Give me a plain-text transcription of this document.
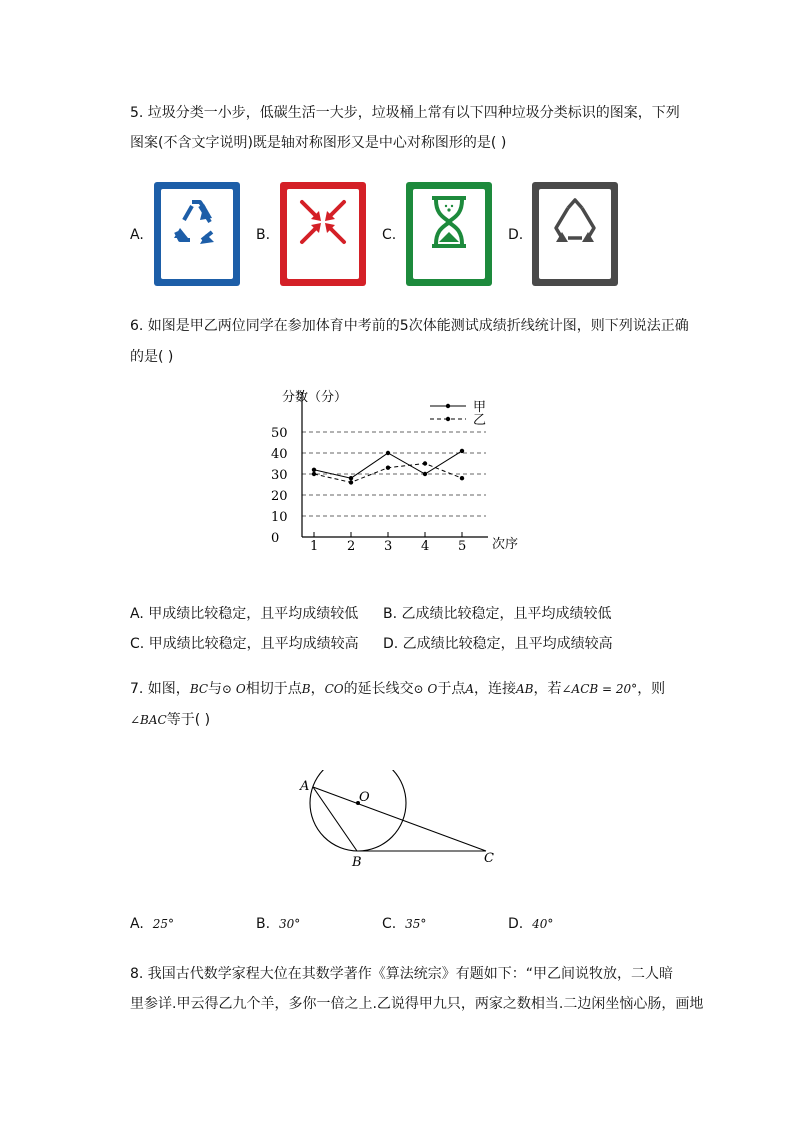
5. 垃圾分类一小步，低碳生活一大步，垃圾桶上常有以下四种垃圾分类标识的图案，下列
图案(不含文字说明)既是轴对称图形又是中心对称图形的是( )
A.
可回收物
Recyclable
B.
有害垃圾
Hazardous Waste
C.
厨余垃圾
Food Waste
D.
其他垃圾
Residual Waste
6. 如图是甲乙两位同学在参加体育中考前的5次体能测试成绩折线统计图，则下列说法正确
的是( )
分数（分）
次序
0
10
20
30
40
50
1 2 3 4 5
甲
乙
A. 甲成绩比较稳定，且平均成绩较低 B. 乙成绩比较稳定，且平均成绩较低
C. 甲成绩比较稳定，且平均成绩较高 D. 乙成绩比较稳定，且平均成绩较高
7. 如图，BC与⊙ O相切于点B，CO的延长线交⊙ O于点A，连接AB，若∠ACB = 20°，则
∠BAC等于( )
A
O
B	C
A. 25°	B. 30°	C. 35°	D. 40°
8. 我国古代数学家程大位在其数学著作《算法统宗》有题如下：“甲乙间说牧放，二人暗
里参详.甲云得乙九个羊，多你一倍之上.乙说得甲九只，两家之数相当.二边闲坐恼心肠，画地
